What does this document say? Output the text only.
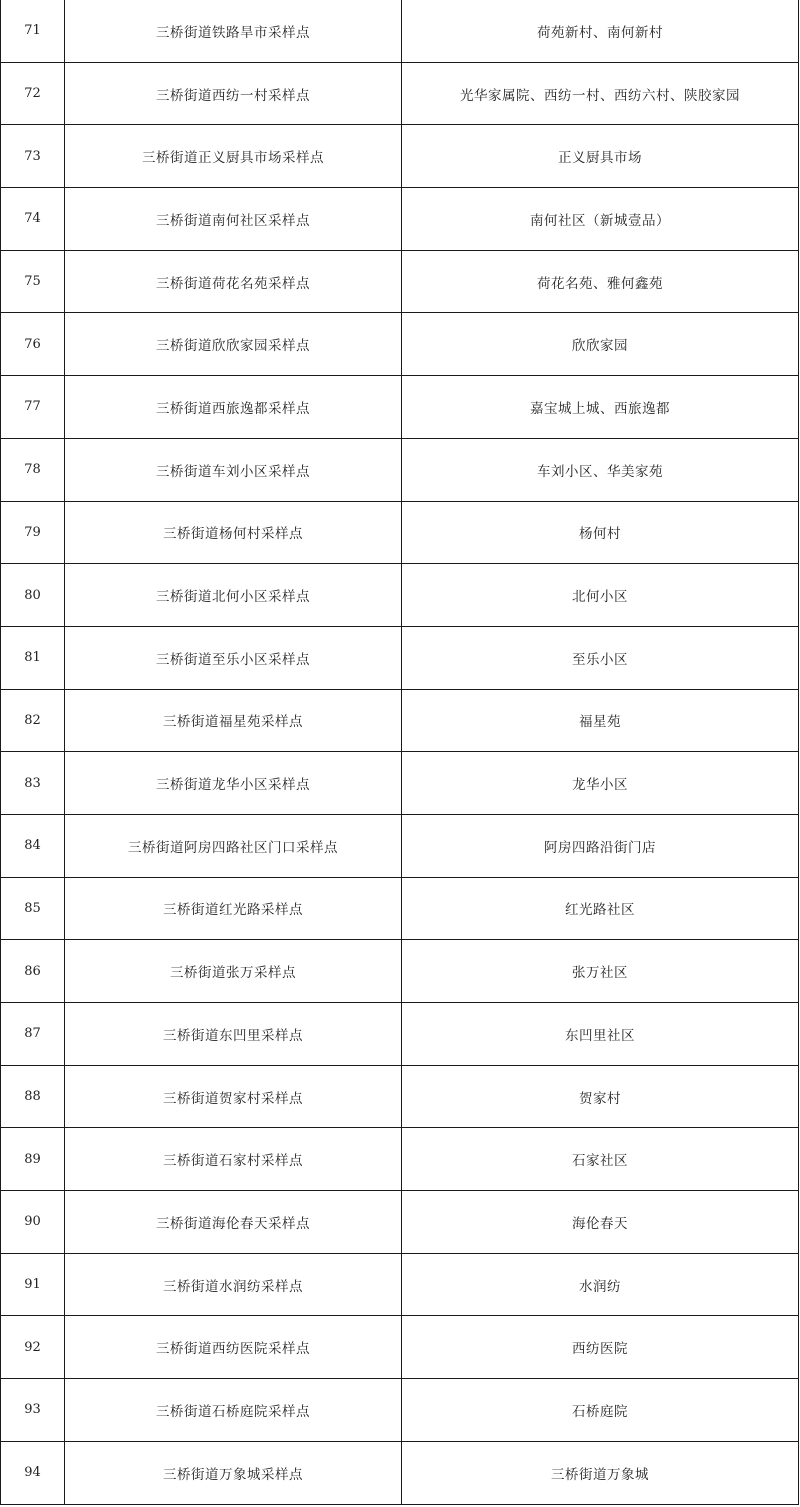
71	三桥街道铁路旱市采样点	荷苑新村、南何新村
72	三桥街道西纺一村采样点	光华家属院、西纺一村、西纺六村、陕胶家园
73	三桥街道正义厨具市场采样点	正义厨具市场
74	三桥街道南何社区采样点	南何社区（新城壹品）
75	三桥街道荷花名苑采样点	荷花名苑、雅何鑫苑
76	三桥街道欣欣家园采样点	欣欣家园
77	三桥街道西旅逸都采样点	嘉宝城上城、西旅逸都
78	三桥街道车刘小区采样点	车刘小区、华美家苑
79	三桥街道杨何村采样点	杨何村
80	三桥街道北何小区采样点	北何小区
81	三桥街道至乐小区采样点	至乐小区
82	三桥街道福星苑采样点	福星苑
83	三桥街道龙华小区采样点	龙华小区
84	三桥街道阿房四路社区门口采样点	阿房四路沿街门店
85	三桥街道红光路采样点	红光路社区
86	三桥街道张万采样点	张万社区
87	三桥街道东凹里采样点	东凹里社区
88	三桥街道贺家村采样点	贺家村
89	三桥街道石家村采样点	石家社区
90	三桥街道海伦春天采样点	海伦春天
91	三桥街道水润纺采样点	水润纺
92	三桥街道西纺医院采样点	西纺医院
93	三桥街道石桥庭院采样点	石桥庭院
94	三桥街道万象城采样点	三桥街道万象城
